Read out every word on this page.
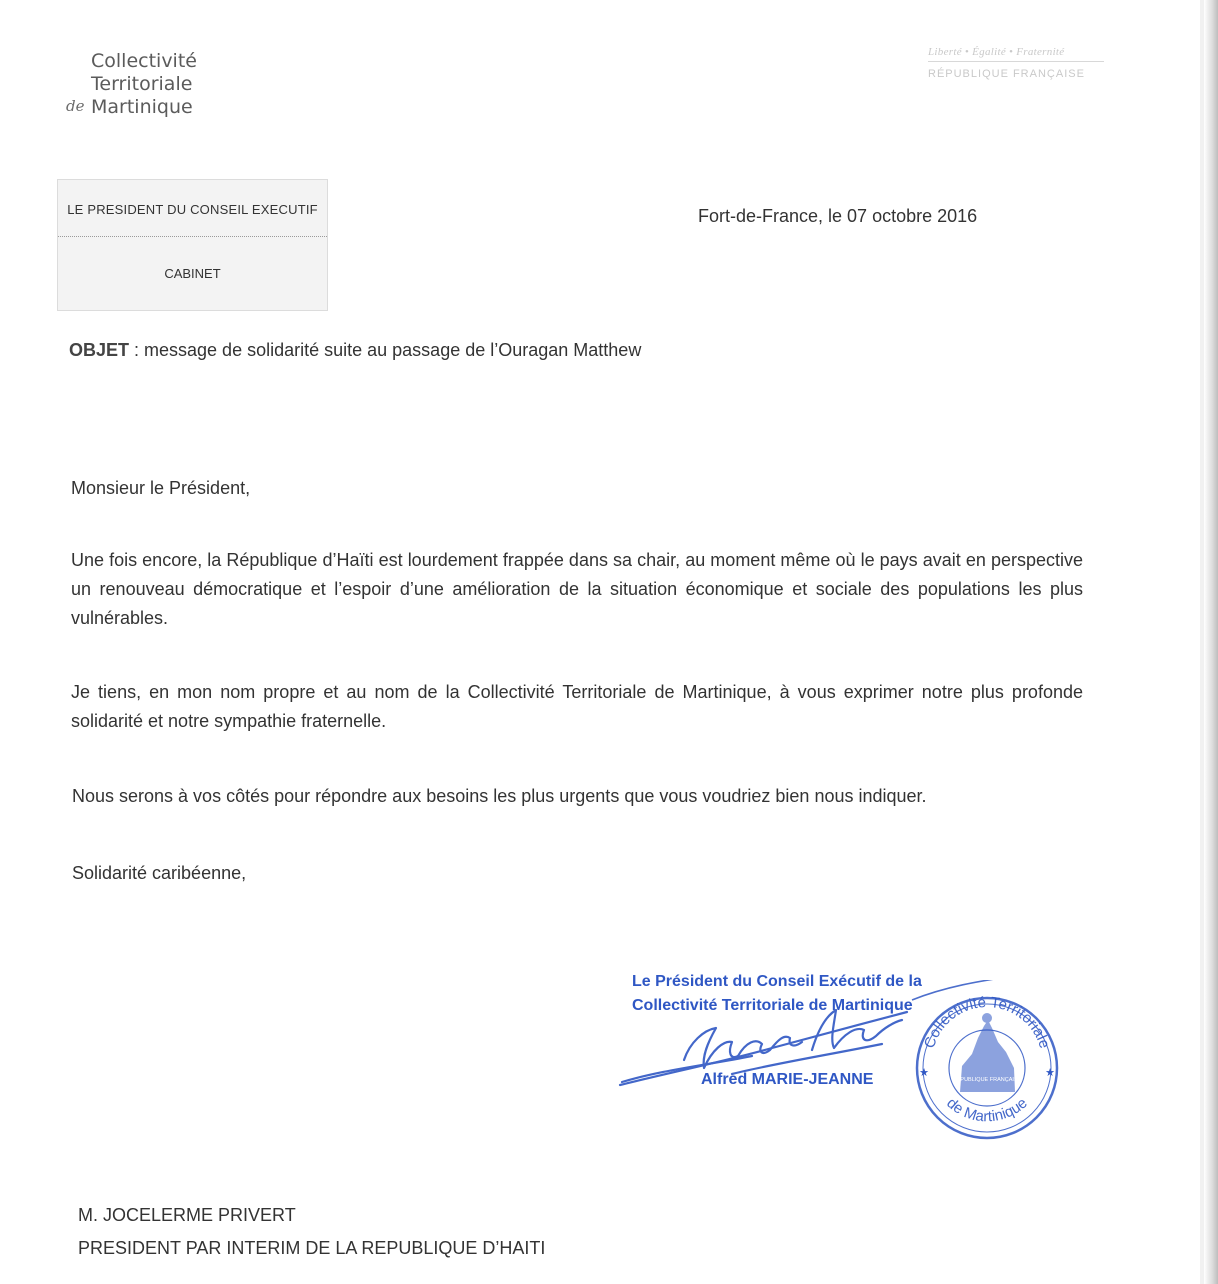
Collectivité
Territoriale
de Martinique
Liberté • Égalité • Fraternité
RÉPUBLIQUE FRANÇAISE
LE PRESIDENT DU CONSEIL EXECUTIF
CABINET
Fort-de-France, le 07 octobre 2016
OBJET : message de solidarité suite au passage de l’Ouragan Matthew
Monsieur le Président,
Une fois encore, la République d’Haïti est lourdement frappée dans sa chair, au moment même où le pays avait en perspective un renouveau démocratique et l’espoir d’une amélioration de la situation économique et sociale des populations les plus vulnérables.
Je tiens, en mon nom propre et au nom de la Collectivité Territoriale de Martinique, à vous exprimer notre plus profonde solidarité et notre sympathie fraternelle.
Nous serons à vos côtés pour répondre aux besoins les plus urgents que vous voudriez bien nous indiquer.
Solidarité caribéenne,
Le Président du Conseil Exécutif de la
Collectivité Territoriale de Martinique
Alfred MARIE-JEANNE
Collectivité Territoriale
de Martinique
RÉPUBLIQUE FRANÇAISE
★	★
M. JOCELERME PRIVERT
PRESIDENT PAR INTERIM DE LA REPUBLIQUE D’HAITI
